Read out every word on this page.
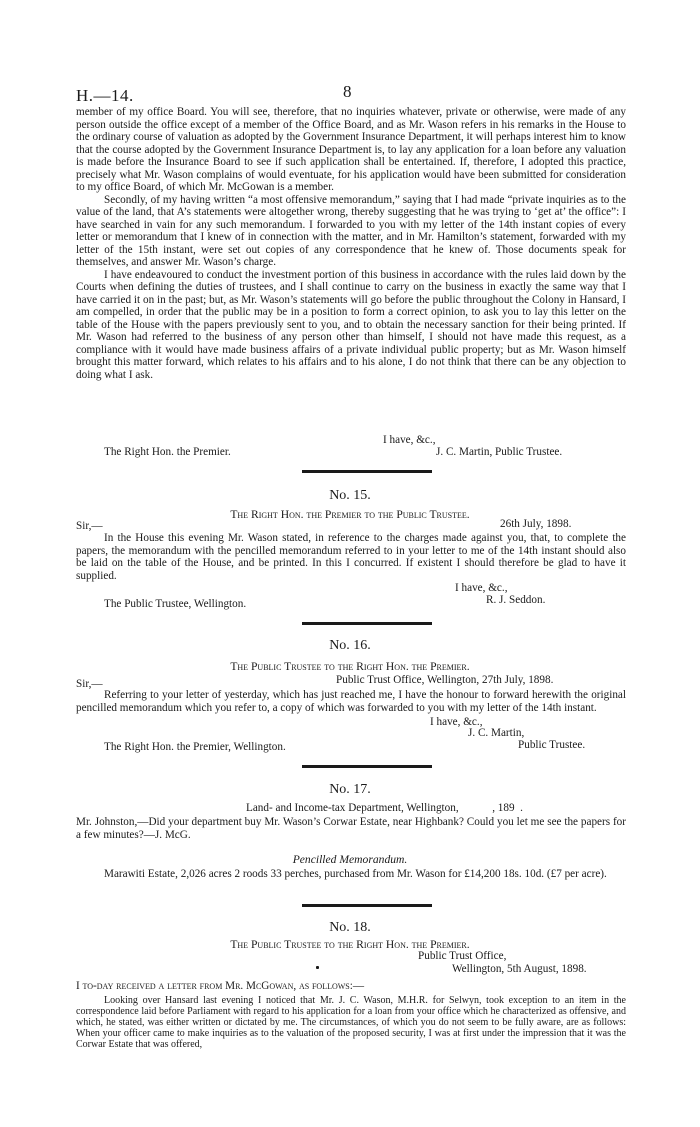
H.—14.	8

member of my office Board. You will see, therefore, that no inquiries whatever, private or otherwise, were made of any person outside the office except of a member of the Office Board, and as Mr. Wason refers in his remarks in the House to the ordinary course of valuation as adopted by the Government Insurance Department, it will perhaps interest him to know that the course adopted by the Government Insurance Department is, to lay any application for a loan before any valuation is made before the Insurance Board to see if such application shall be entertained. If, therefore, I adopted this practice, precisely what Mr. Wason complains of would eventuate, for his application would have been submitted for consideration to my office Board, of which Mr. McGowan is a member.

Secondly, of my having written “a most offensive memorandum,” saying that I had made “private inquiries as to the value of the land, that A’s statements were altogether wrong, thereby suggesting that he was trying to ‘get at’ the office”: I have searched in vain for any such memorandum. I forwarded to you with my letter of the 14th instant copies of every letter or memorandum that I knew of in connection with the matter, and in Mr. Hamilton’s statement, forwarded with my letter of the 15th instant, were set out copies of any correspondence that he knew of. Those documents speak for themselves, and answer Mr. Wason’s charge.

I have endeavoured to conduct the investment portion of this business in accordance with the rules laid down by the Courts when defining the duties of trustees, and I shall continue to carry on the business in exactly the same way that I have carried it on in the past; but, as Mr. Wason’s statements will go before the public throughout the Colony in Hansard, I am compelled, in order that the public may be in a position to form a correct opinion, to ask you to lay this letter on the table of the House with the papers previously sent to you, and to obtain the necessary sanction for their being printed. If Mr. Wason had referred to the business of any person other than himself, I should not have made this request, as a compliance with it would have made business affairs of a private individual public property; but as Mr. Wason himself brought this matter forward, which relates to his affairs and to his alone, I do not think that there can be any objection to doing what I ask.

I have, &c.,
The Right Hon. the Premier.	J. C. Martin, Public Trustee.
No. 15.
The Right Hon. the Premier to the Public Trustee.
Sir,—	26th July, 1898.

In the House this evening Mr. Wason stated, in reference to the charges made against you, that, to complete the papers, the memorandum with the pencilled memorandum referred to in your letter to me of the 14th instant should also be laid on the table of the House, and be printed. In this I concurred. If existent I should therefore be glad to have it supplied.

I have, &c.,
The Public Trustee, Wellington.	R. J. Seddon.
No. 16.
The Public Trustee to the Right Hon. the Premier.
Sir,—	Public Trust Office, Wellington, 27th July, 1898.

Referring to your letter of yesterday, which has just reached me, I have the honour to forward herewith the original pencilled memorandum which you refer to, a copy of which was forwarded to you with my letter of the 14th instant.

I have, &c.,
J. C. Martin,
The Right Hon. the Premier, Wellington.	Public Trustee.
No. 17.
Land- and Income-tax Department, Wellington,            , 189  .

Mr. Johnston,—Did your department buy Mr. Wason’s Corwar Estate, near Highbank? Could you let me see the papers for a few minutes?—J. McG.

Pencilled Memorandum.

Marawiti Estate, 2,026 acres 2 roods 33 perches, purchased from Mr. Wason for £14,200 18s. 10d. (£7 per acre).

No. 18.
The Public Trustee to the Right Hon. the Premier.
Public Trust Office,
Wellington, 5th August, 1898.
I to-day received a letter from Mr. McGowan, as follows:—

Looking over Hansard last evening I noticed that Mr. J. C. Wason, M.H.R. for Selwyn, took exception to an item in the correspondence laid before Parliament with regard to his application for a loan from your office which he characterized as offensive, and which, he stated, was either written or dictated by me. The circumstances, of which you do not seem to be fully aware, are as follows: When your officer came to make inquiries as to the valuation of the proposed security, I was at first under the impression that it was the Corwar Estate that was offered,
